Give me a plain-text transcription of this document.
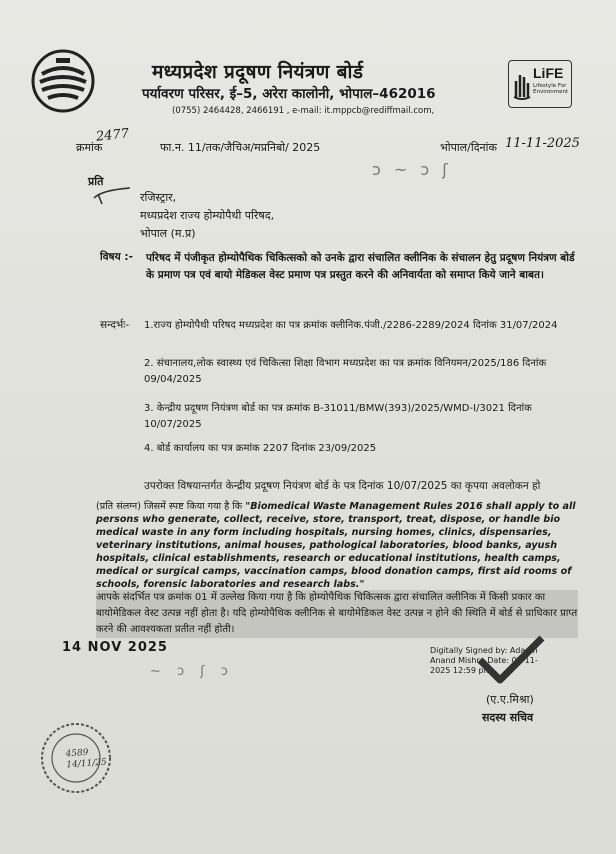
LiFE
Lifestyle For Environment
मध्यप्रदेश प्रदूषण नियंत्रण बोर्ड
पर्यावरण परिसर, ई–5, अरेरा कालोनी, भोपाल–462016
(0755) 2464428, 2466191 , e-mail: it.mppcb@rediffmail.com,
2477
क्रमांक	फा.न. 11/तक/जैचिअ/मप्रनिबो/ 2025	भोपाल/दिनांक 11-11-2025
ɔ ~ ɔ ʃ
प्रति
रजिस्ट्रार,
मध्यप्रदेश राज्य होम्योपैथी परिषद,
भोपाल (म.प्र)
विषय :- परिषद में पंजीकृत होम्योपैथिक चिकित्सको को उनके द्वारा संचालित क्लीनिक के संचालन हेतु प्रदूषण नियंत्रण बोर्ड के प्रमाण पत्र एवं बायो मेडिकल वेस्ट प्रमाण पत्र प्रस्तुत करने की अनिवार्यता को समाप्त किये जाने बाबत।
सन्दर्भः- 1.राज्य होम्योपैथी परिषद मध्यप्रदेश का पत्र क्रमांक क्लीनिक.पंजी./2286-2289/2024 दिनांक 31/07/2024
2. संचानालय,लोक स्वास्थ्य एवं चिकित्सा शिक्षा विभाग मध्यप्रदेश का पत्र क्रमांक विनियमन/2025/186 दिनांक 09/04/2025
3. केन्द्रीय प्रदूषण नियंत्रण बोर्ड का पत्र क्रमांक B-31011/BMW(393)/2025/WMD-I/3021 दिनांक 10/07/2025
4. बोर्ड कार्यालय का पत्र क्रमांक 2207 दिनांक 23/09/2025
उपरोक्त विषयान्तर्गत केन्द्रीय प्रदूषण नियंत्रण बोर्ड के पत्र दिनांक 10/07/2025 का कृपया अवलोकन हो
(प्रति संलग्न) जिसमें स्पष्ट किया गया है कि "Biomedical Waste Management Rules 2016 shall apply to all persons who generate, collect, receive, store, transport, treat, dispose, or handle bio medical waste in any form including hospitals, nursing homes, clinics, dispensaries, veterinary institutions, animal houses, pathological laboratories, blood banks, ayush hospitals, clinical establishments, research or educational institutions, health camps, medical or surgical camps, vaccination camps, blood donation camps, first aid rooms of schools, forensic laboratories and research labs."
आपके संदर्भित पत्र क्रमांक 01 में उल्लेख किया गया है कि होम्योपैथिक चिकित्सक द्वारा संचालित क्लीनिक में किसी प्रकार का बायोमेडिकल वेस्ट उत्पन्न नहीं होता है। यदि होम्योपैथिक क्लीनिक से बायोमेडिकल वेस्ट उत्पन्न न होने की स्थिति में बोर्ड से प्राधिकार प्राप्त करने की आवश्यकता प्रतीत नहीं होती।
14 NOV 2025
~ ɔ ʃ ɔ
Digitally Signed by: Adarsh Anand Mishra Date: 07-11-2025 12:59 pm
(ए.ए.मिश्रा)
सदस्य सचिव
4589
14/11/25
